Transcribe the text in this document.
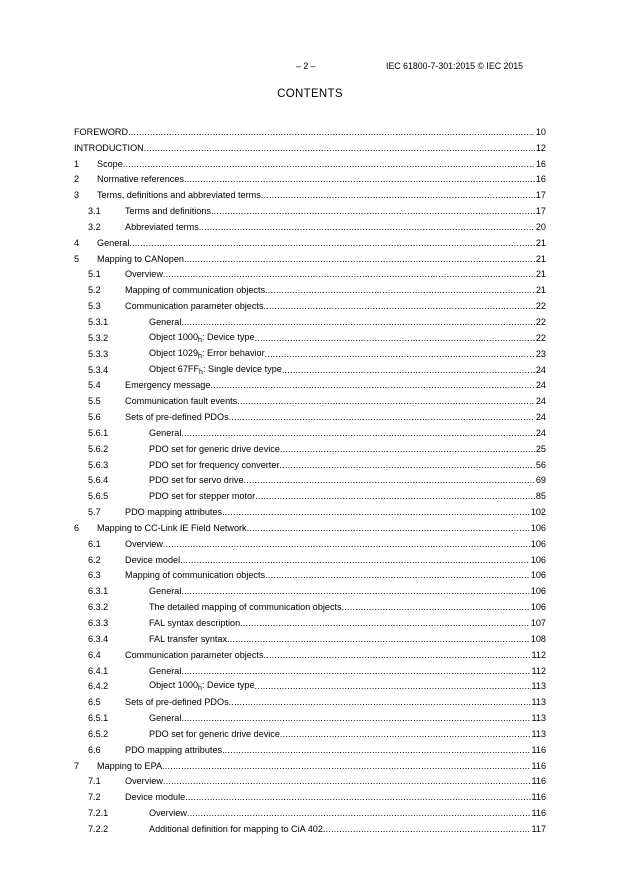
– 2 –	IEC 61800-7-301:2015 © IEC 2015
CONTENTS
FOREWORD .....	10
INTRODUCTION .....	12
1	Scope .....	16
2	Normative references .....	16
3	Terms, definitions and abbreviated terms .....	17
3.1	Terms and definitions .....	17
3.2	Abbreviated terms .....	20
4	General .....	21
5	Mapping to CANopen .....	21
5.1	Overview .....	21
5.2	Mapping of communication objects .....	21
5.3	Communication parameter objects .....	22
5.3.1	General .....	22
5.3.2	Object $1000_h$: Device type .....	22
5.3.3	Object $1029_h$: Error behavior .....	23
5.3.4	Object $67FF_h$: Single device type .....	24
5.4	Emergency message .....	24
5.5	Communication fault events .....	24
5.6	Sets of pre-defined PDOs .....	24
5.6.1	General .....	24
5.6.2	PDO set for generic drive device .....	25
5.6.3	PDO set for frequency converter .....	56
5.6.4	PDO set for servo drive .....	69
5.6.5	PDO set for stepper motor .....	85
5.7	PDO mapping attributes .....	102
6	Mapping to CC-Link IE Field Network .....	106
6.1	Overview .....	106
6.2	Device model .....	106
6.3	Mapping of communication objects .....	106
6.3.1	General .....	106
6.3.2	The detailed mapping of communication objects .....	106
6.3.3	FAL syntax description .....	107
6.3.4	FAL transfer syntax .....	108
6.4	Communication parameter objects .....	112
6.4.1	General .....	112
6.4.2	Object $1000_h$: Device type .....	113
6.5	Sets of pre-defined PDOs .....	113
6.5.1	General .....	113
6.5.2	PDO set for generic drive device .....	113
6.6	PDO mapping attributes .....	116
7	Mapping to EPA .....	116
7.1	Overview .....	116
7.2	Device module .....	116
7.2.1	Overview .....	116
7.2.2	Additional definition for mapping to CiA 402 .....	117
